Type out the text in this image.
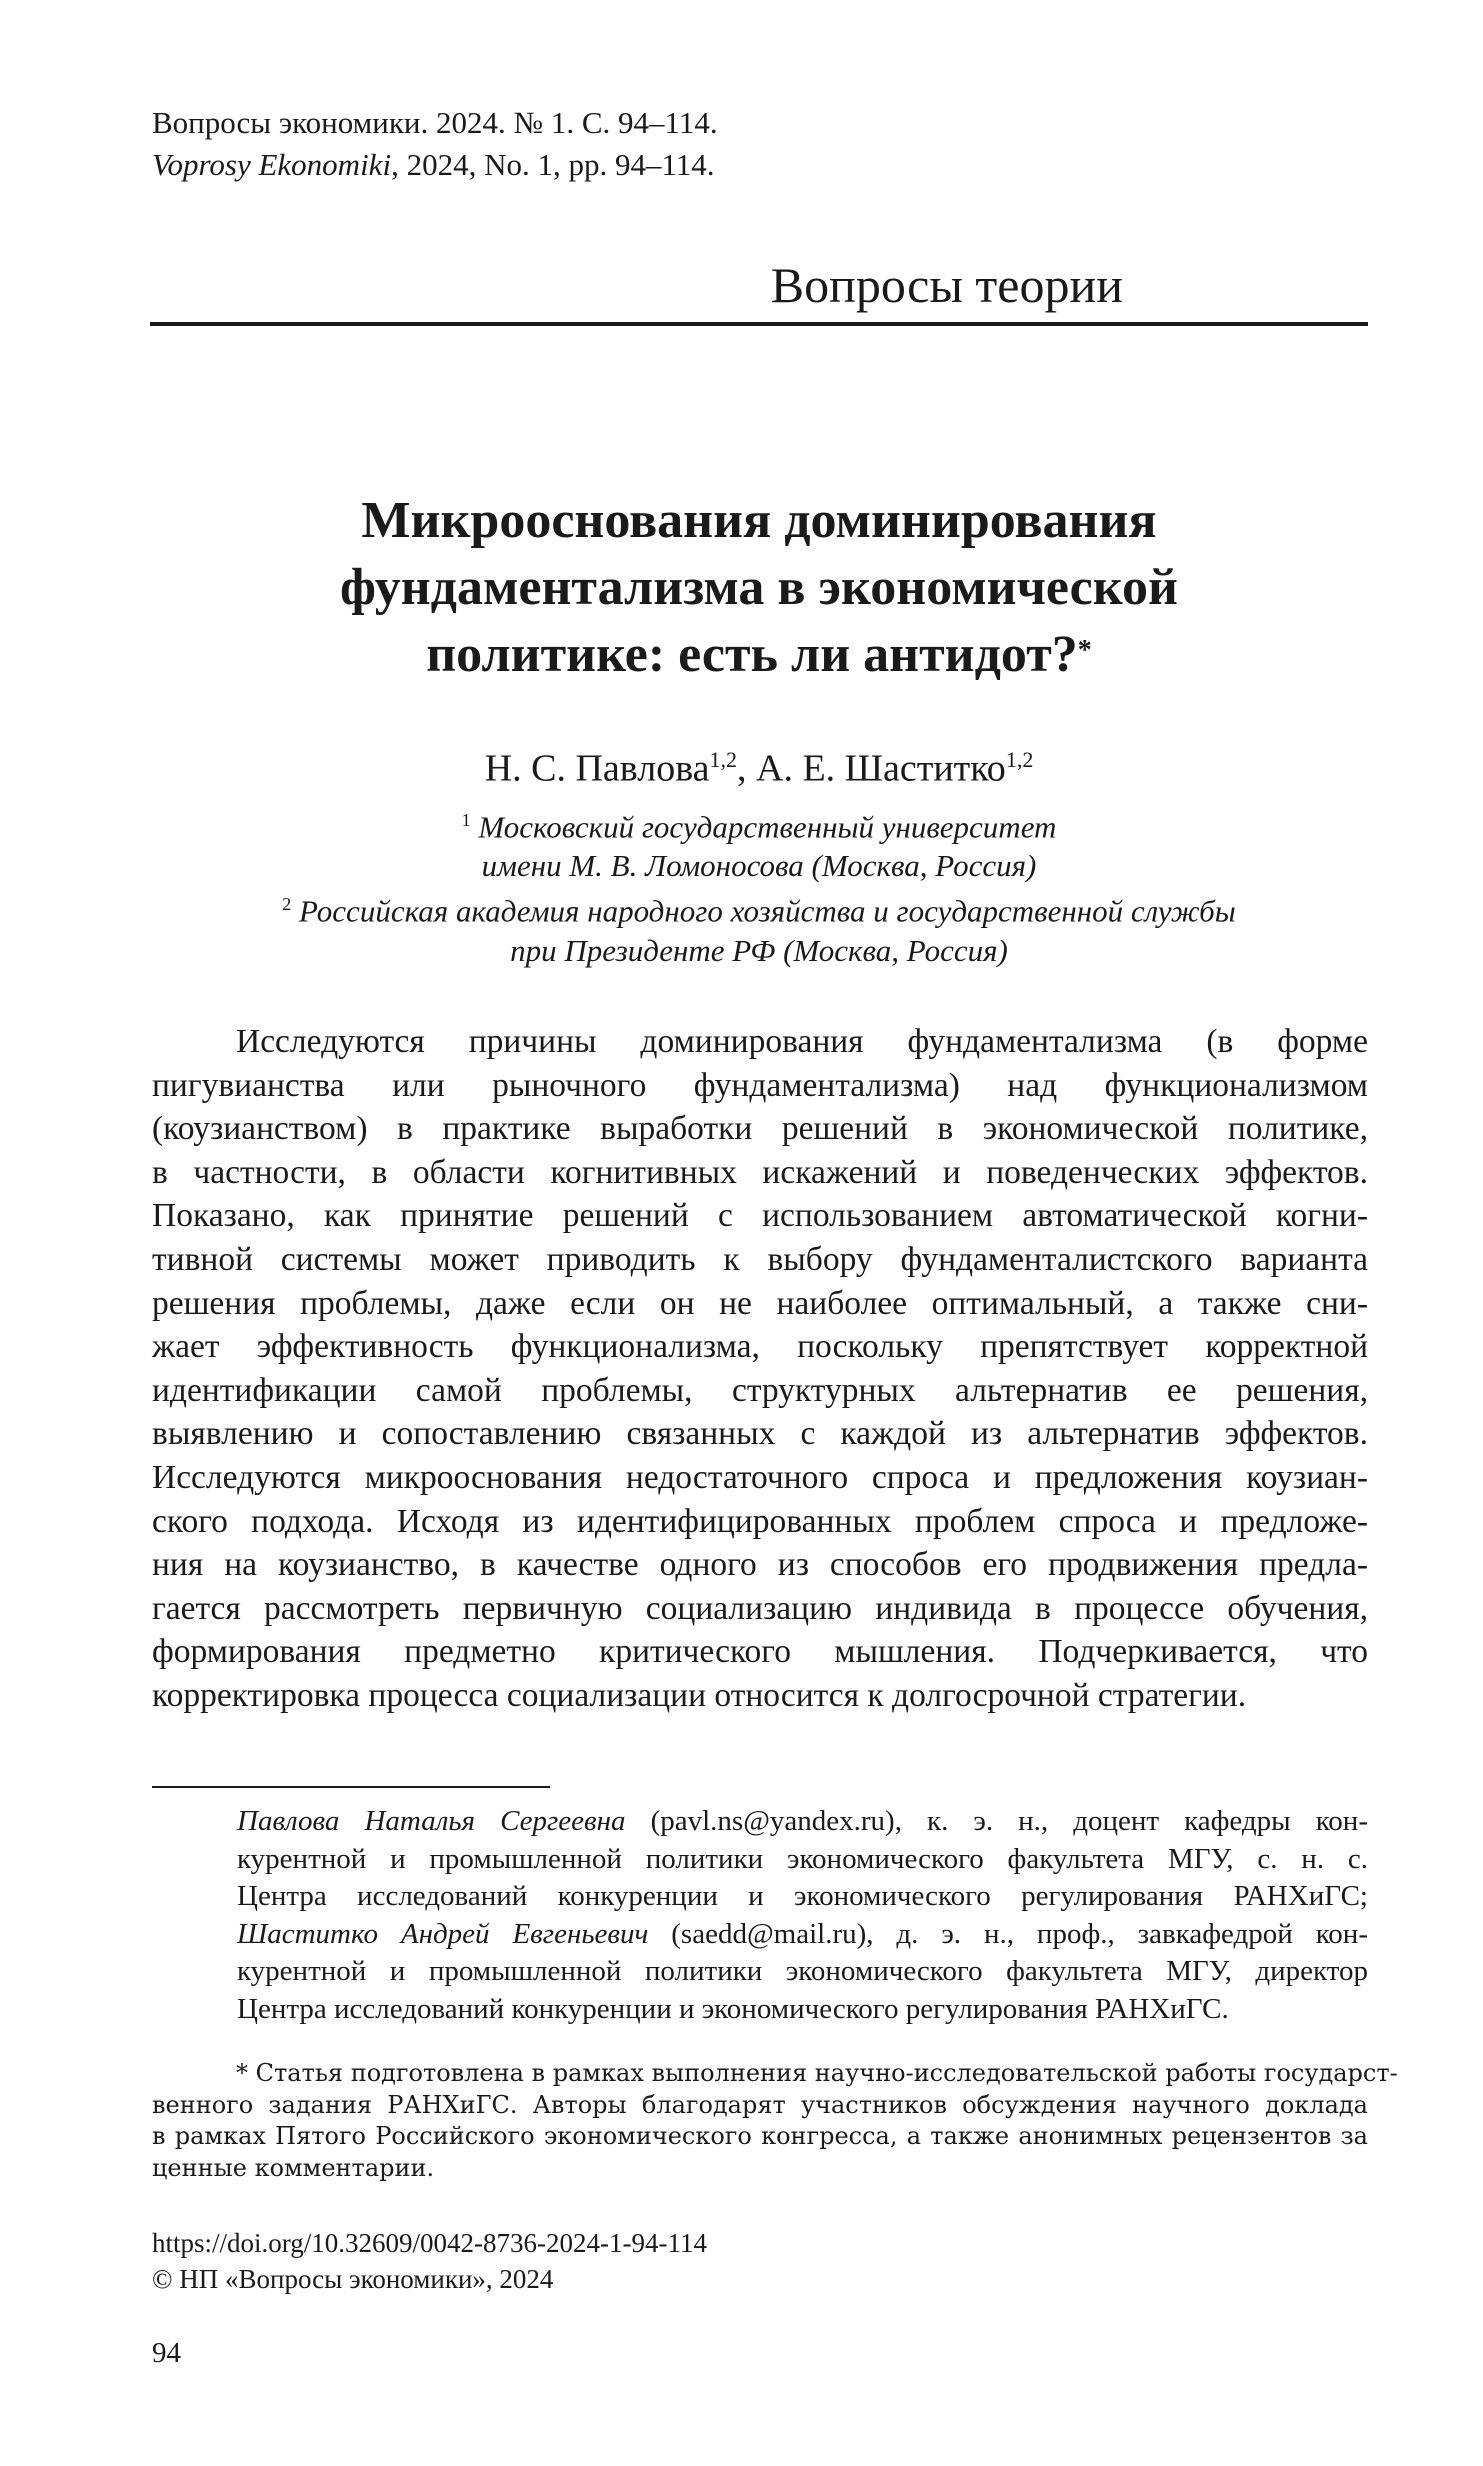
Вопросы экономики. 2024. № 1. С. 94–114.
Voprosy Ekonomiki, 2024, No. 1, pp. 94–114.
Вопросы теории
Микрооснования доминирования
фундаментализма в экономической
политике: есть ли антидот?*
Н. С. Павлова$^{1,2}$, А. Е. Шаститко$^{1,2}$
$^1$ Московский государственный университет
имени М. В. Ломоносова (Москва, Россия)
$^2$ Российская академия народного хозяйства и государственной службы
при Президенте РФ (Москва, Россия)
Исследуются причины доминирования фундаментализма (в форме
пигувианства или рыночного фундаментализма) над функционализмом
(коузианством) в практике выработки решений в экономической политике,
в частности, в области когнитивных искажений и поведенческих эффектов.
Показано, как принятие решений с использованием автоматической когни-
тивной системы может приводить к выбору фундаменталистского варианта
решения проблемы, даже если он не наиболее оптимальный, а также сни-
жает эффективность функционализма, поскольку препятствует корректной
идентификации самой проблемы, структурных альтернатив ее решения,
выявлению и сопоставлению связанных с каждой из альтернатив эффектов.
Исследуются микрооснования недостаточного спроса и предложения коузиан-
ского подхода. Исходя из идентифицированных проблем спроса и предложе-
ния на коузианство, в качестве одного из способов его продвижения предла-
гается рассмотреть первичную социализацию индивида в процессе обучения,
формирования предметно критического мышления. Подчеркивается, что
корректировка процесса социализации относится к долгосрочной стратегии.
Павлова Наталья Сергеевна (pavl.ns@yandex.ru), к. э. н., доцент кафедры кон-
курентной и промышленной политики экономического факультета МГУ, с. н. с.
Центра исследований конкуренции и экономического регулирования РАНХиГС;
Шаститко Андрей Евгеньевич (saedd@mail.ru), д. э. н., проф., завкафедрой кон-
курентной и промышленной политики экономического факультета МГУ, директор
Центра исследований конкуренции и экономического регулирования РАНХиГС.
* Статья подготовлена в рамках выполнения научно-исследовательской работы государст-
венного задания РАНХиГС. Авторы благодарят участников обсуждения научного доклада
в рамках Пятого Российского экономического конгресса, а также анонимных рецензентов за
ценные комментарии.
https://doi.org/10.32609/0042-8736-2024-1-94-114
© НП «Вопросы экономики», 2024
94
